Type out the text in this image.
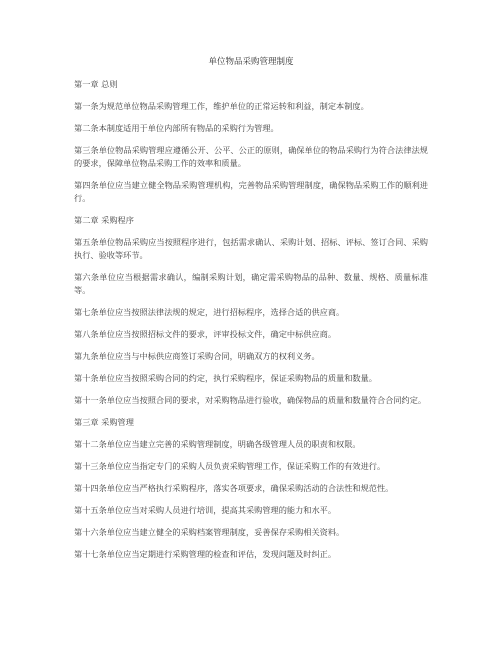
单位物品采购管理制度

第一章 总则

第一条为规范单位物品采购管理工作，维护单位的正常运转和利益，制定本制度。

第二条本制度适用于单位内部所有物品的采购行为管理。

第三条单位物品采购管理应遵循公开、公平、公正的原则，确保单位的物品采购行为符合法律法规的要求，保障单位物品采购工作的效率和质量。

第四条单位应当建立健全物品采购管理机构，完善物品采购管理制度，确保物品采购工作的顺利进行。

第二章 采购程序

第五条单位物品采购应当按照程序进行，包括需求确认、采购计划、招标、评标、签订合同、采购执行、验收等环节。

第六条单位应当根据需求确认，编制采购计划，确定需采购物品的品种、数量、规格、质量标准等。

第七条单位应当按照法律法规的规定，进行招标程序，选择合适的供应商。

第八条单位应当按照招标文件的要求，评审投标文件，确定中标供应商。

第九条单位应当与中标供应商签订采购合同，明确双方的权利义务。

第十条单位应当按照采购合同的约定，执行采购程序，保证采购物品的质量和数量。

第十一条单位应当按照合同的要求，对采购物品进行验收，确保物品的质量和数量符合合同约定。

第三章 采购管理

第十二条单位应当建立完善的采购管理制度，明确各级管理人员的职责和权限。

第十三条单位应当指定专门的采购人员负责采购管理工作，保证采购工作的有效进行。

第十四条单位应当严格执行采购程序，落实各项要求，确保采购活动的合法性和规范性。

第十五条单位应当对采购人员进行培训，提高其采购管理的能力和水平。

第十六条单位应当建立健全的采购档案管理制度，妥善保存采购相关资料。

第十七条单位应当定期进行采购管理的检查和评估，发现问题及时纠正。
